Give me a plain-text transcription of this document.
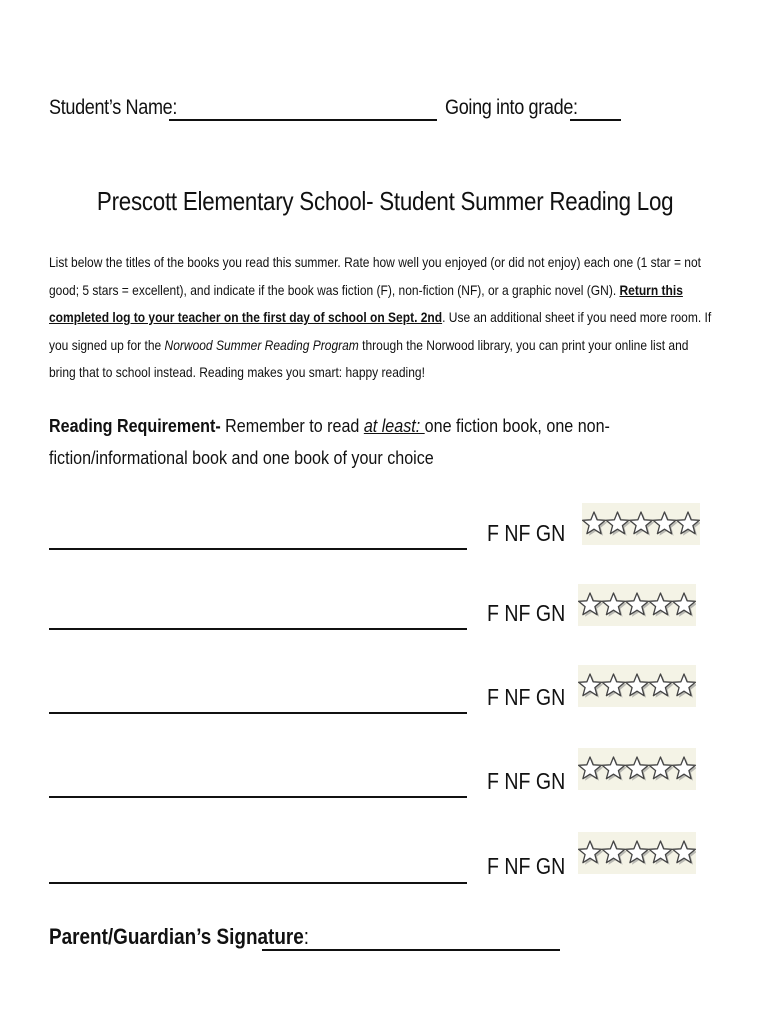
Student’s Name:	Going into grade:
Prescott Elementary School- Student Summer Reading Log
List below the titles of the books you read this summer. Rate how well you enjoyed (or did not enjoy) each one (1 star = not good; 5 stars = excellent), and indicate if the book was fiction (F), non-fiction (NF), or a graphic novel (GN). Return this completed log to your teacher on the first day of school on Sept. 2nd. Use an additional sheet if you need more room. If you signed up for the Norwood Summer Reading Program through the Norwood library, you can print your online list and bring that to school instead. Reading makes you smart: happy reading!
Reading Requirement- Remember to read at least: one fiction book, one non-fiction/informational book and one book of your choice
F NF GN
F NF GN
F NF GN
F NF GN
F NF GN
Parent/Guardian’s Signature:
